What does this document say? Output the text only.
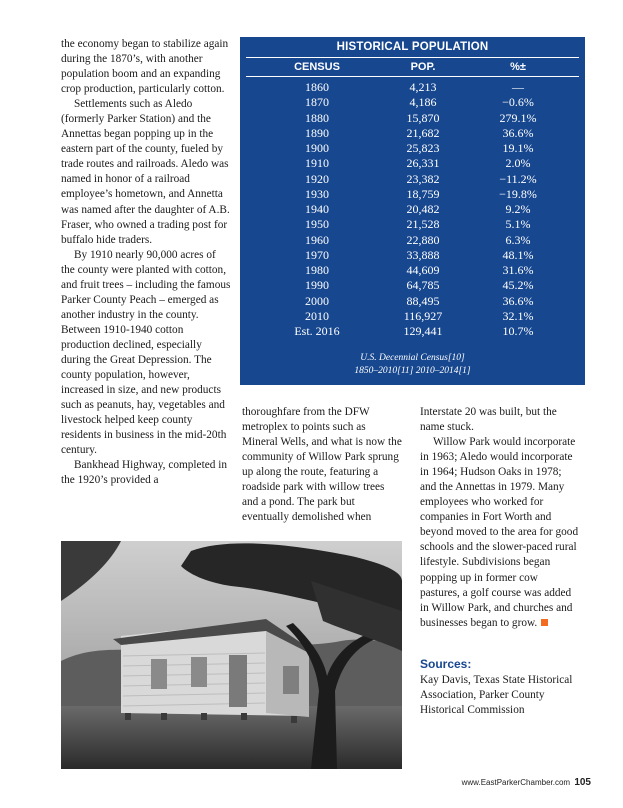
the economy began to stabilize again during the 1870’s, with another population boom and an expanding crop production, particularly cotton.

Settlements such as Aledo (formerly Parker Station) and the Annettas began popping up in the eastern part of the county, fueled by trade routes and railroads. Aledo was named in honor of a railroad employee’s hometown, and Annetta was named after the daughter of A.B. Fraser, who owned a trading post for buffalo hide traders.

By 1910 nearly 90,000 acres of the county were planted with cotton, and fruit trees – including the famous Parker County Peach – emerged as another industry in the county. Between 1910-1940 cotton production declined, especially during the Great Depression. The county population, however, increased in size, and new products such as peanuts, hay, vegetables and livestock helped keep county residents in business in the mid-20th century.

Bankhead Highway, completed in the 1920’s provided a

HISTORICAL POPULATION
CENSUS	POP.	%±
1860	4,213	—
1870	4,186	−0.6%
1880	15,870	279.1%
1890	21,682	36.6%
1900	25,823	19.1%
1910	26,331	2.0%
1920	23,382	−11.2%
1930	18,759	−19.8%
1940	20,482	9.2%
1950	21,528	5.1%
1960	22,880	6.3%
1970	33,888	48.1%
1980	44,609	31.6%
1990	64,785	45.2%
2000	88,495	36.6%
2010	116,927	32.1%
Est. 2016	129,441	10.7%
U.S. Decennial Census[10]
1850–2010[11] 2010–2014[1]

thoroughfare from the DFW metroplex to points such as Mineral Wells, and what is now the community of Willow Park sprung up along the route, featuring a roadside park with willow trees and a pond. The park but eventually demolished when

Interstate 20 was built, but the name stuck.

Willow Park would incorporate in 1963; Aledo would incorporate in 1964; Hudson Oaks in 1978; and the Annettas in 1979. Many employees who worked for companies in Fort Worth and beyond moved to the area for good schools and the slower-paced rural lifestyle. Subdivisions began popping up in former cow pastures, a golf course was added in Willow Park, and churches and businesses began to grow.

Sources:
Kay Davis, Texas State Historical Association, Parker County Historical Commission
www.EastParkerChamber.com 105
